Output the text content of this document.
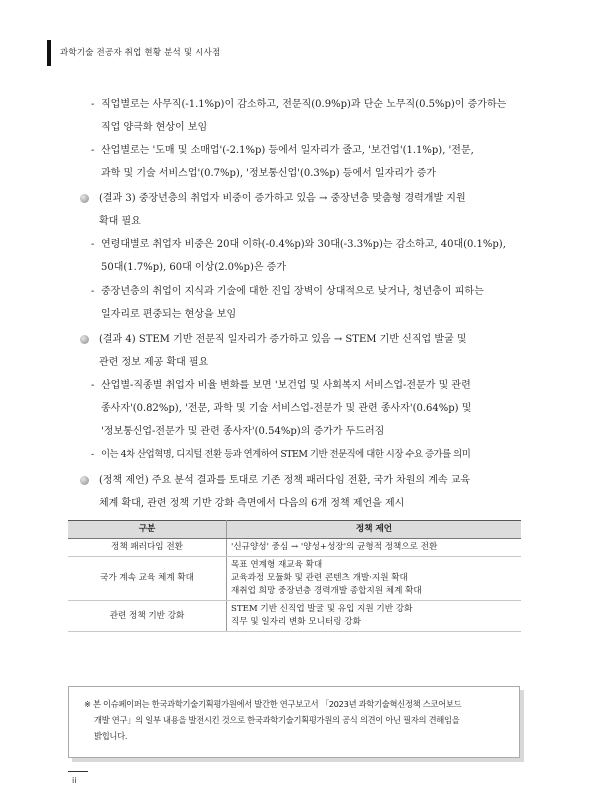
과학기술 전공자 취업 현황 분석 및 시사점
- 직업별로는 사무직(-1.1%p)이 감소하고, 전문직(0.9%p)과 단순 노무직(0.5%p)이 증가하는
직업 양극화 현상이 보임
- 산업별로는 '도매 및 소매업'(-2.1%p) 등에서 일자리가 줄고, '보건업'(1.1%p), '전문,
과학 및 기술 서비스업'(0.7%p), '정보통신업'(0.3%p) 등에서 일자리가 증가
(결과 3) 중장년층의 취업자 비중이 증가하고 있음 → 중장년층 맞춤형 경력개발 지원
확대 필요
- 연령대별로 취업자 비중은 20대 이하(-0.4%p)와 30대(-3.3%p)는 감소하고, 40대(0.1%p),
50대(1.7%p), 60대 이상(2.0%p)은 증가
- 중장년층의 취업이 지식과 기술에 대한 진입 장벽이 상대적으로 낮거나, 청년층이 피하는
일자리로 편중되는 현상을 보임
(결과 4) STEM 기반 전문직 일자리가 증가하고 있음 → STEM 기반 신직업 발굴 및
관련 정보 제공 확대 필요
- 산업별-직종별 취업자 비율 변화를 보면 '보건업 및 사회복지 서비스업-전문가 및 관련
종사자'(0.82%p), '전문, 과학 및 기술 서비스업-전문가 및 관련 종사자'(0.64%p) 및
'정보통신업-전문가 및 관련 종사자'(0.54%p)의 증가가 두드러짐
- 이는 4차 산업혁명, 디지털 전환 등과 연계하여 STEM 기반 전문직에 대한 시장 수요 증가를 의미
(정책 제언) 주요 분석 결과를 토대로 기존 정책 패러다임 전환, 국가 차원의 계속 교육
체계 확대, 관련 정책 기반 강화 측면에서 다음의 6개 정책 제언을 제시
구분	정책 제언
정책 패러다임 전환	'신규양성' 중심 → '양성+성장'의 균형적 정책으로 전환

국가 계속 교육 체계 확대	목표 연계형 재교육 확대
교육과정 모듈화 및 관련 콘텐츠 개발·지원 확대
재취업 희망 중장년층 경력개발 종합지원 체계 확대

관련 정책 기반 강화	STEM 기반 신직업 발굴 및 유입 지원 기반 강화
직무 및 일자리 변화 모니터링 강화
※ 본 이슈페이퍼는 한국과학기술기획평가원에서 발간한 연구보고서 「2023년 과학기술혁신정책 스코어보드
개발 연구」의 일부 내용을 발전시킨 것으로 한국과학기술기획평가원의 공식 의견이 아닌 필자의 견해임을
밝힙니다.
ii
